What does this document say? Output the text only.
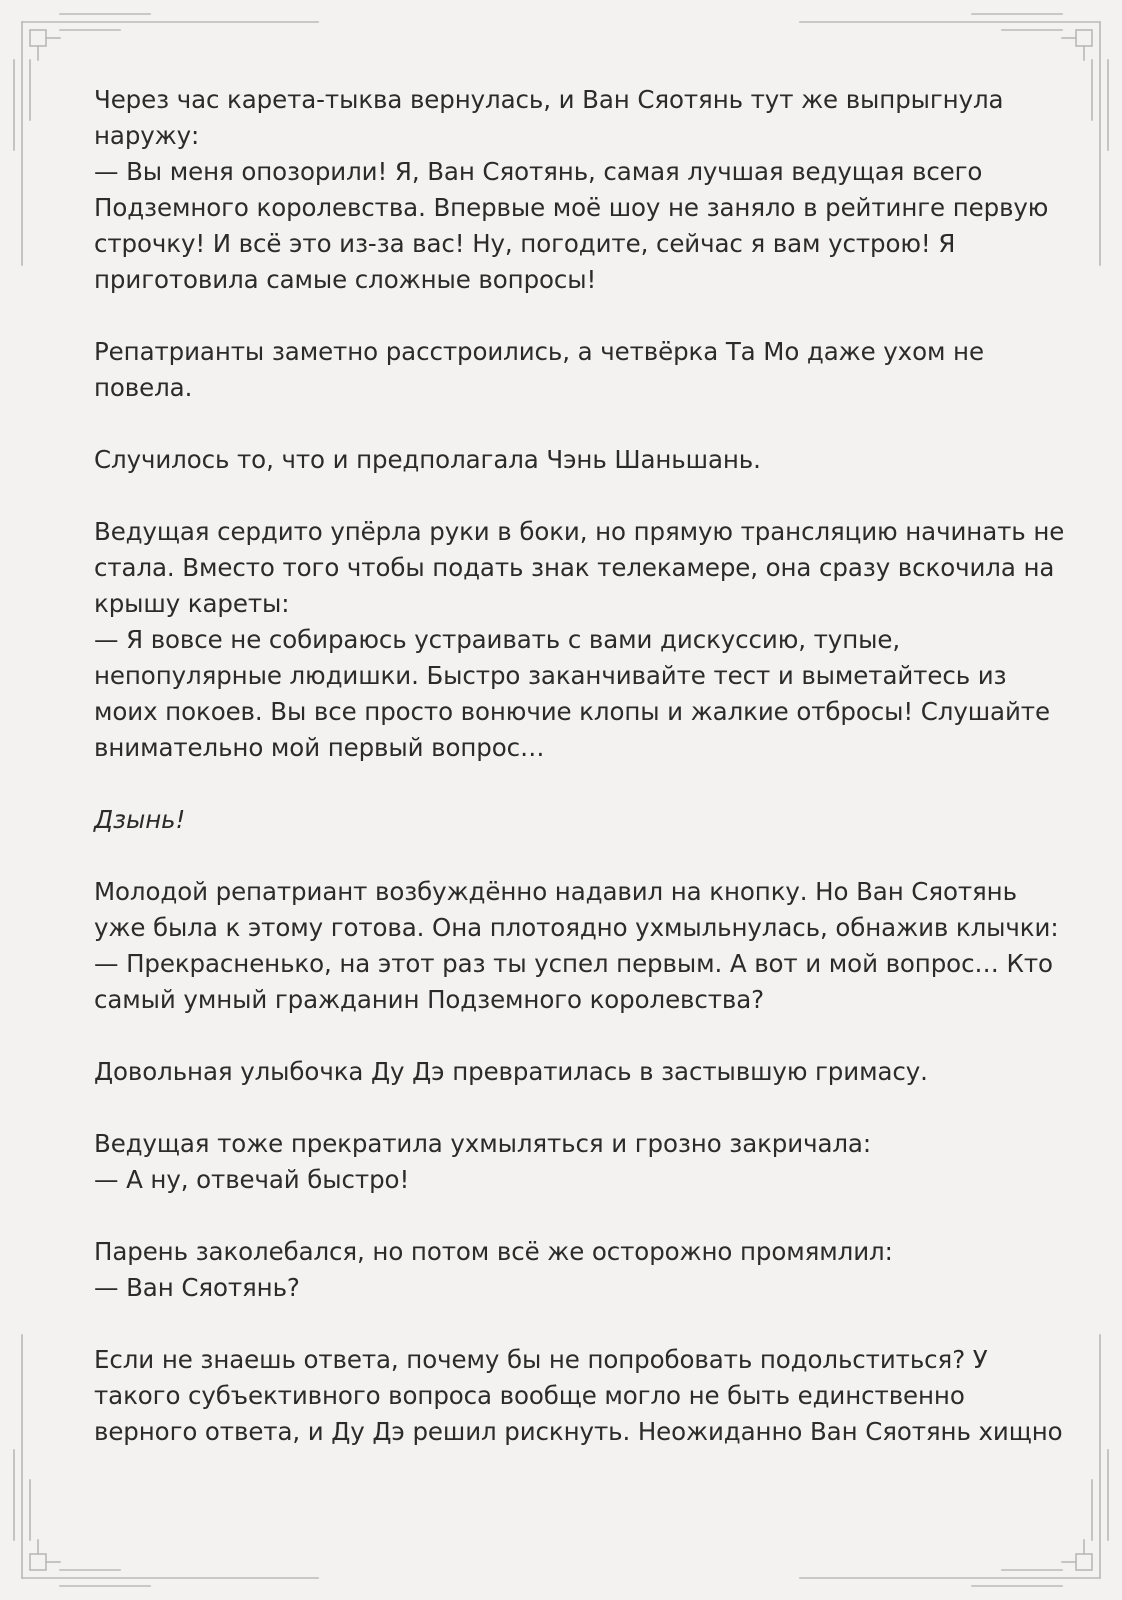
Через час карета-тыква вернулась, и Ван Сяотянь тут же выпрыгнула
наружу:
— Вы меня опозорили! Я, Ван Сяотянь, самая лучшая ведущая всего
Подземного королевства. Впервые моё шоу не заняло в рейтинге первую
строчку! И всё это из-за вас! Ну, погодите, сейчас я вам устрою! Я
приготовила самые сложные вопросы!

Репатрианты заметно расстроились, а четвёрка Та Мо даже ухом не
повела.

Случилось то, что и предполагала Чэнь Шаньшань.

Ведущая сердито упёрла руки в боки, но прямую трансляцию начинать не
стала. Вместо того чтобы подать знак телекамере, она сразу вскочила на
крышу кареты:
— Я вовсе не собираюсь устраивать с вами дискуссию, тупые,
непопулярные людишки. Быстро заканчивайте тест и выметайтесь из
моих покоев. Вы все просто вонючие клопы и жалкие отбросы! Слушайте
внимательно мой первый вопрос…

Дзынь!

Молодой репатриант возбуждённо надавил на кнопку. Но Ван Сяотянь
уже была к этому готова. Она плотоядно ухмыльнулась, обнажив клычки:
— Прекрасненько, на этот раз ты успел первым. А вот и мой вопрос… Кто
самый умный гражданин Подземного королевства?

Довольная улыбочка Ду Дэ превратилась в застывшую гримасу.

Ведущая тоже прекратила ухмыляться и грозно закричала:
— А ну, отвечай быстро!

Парень заколебался, но потом всё же осторожно промямлил:
— Ван Сяотянь?

Если не знаешь ответа, почему бы не попробовать подольститься? У
такого субъективного вопроса вообще могло не быть единственно
верного ответа, и Ду Дэ решил рискнуть. Неожиданно Ван Сяотянь хищно
